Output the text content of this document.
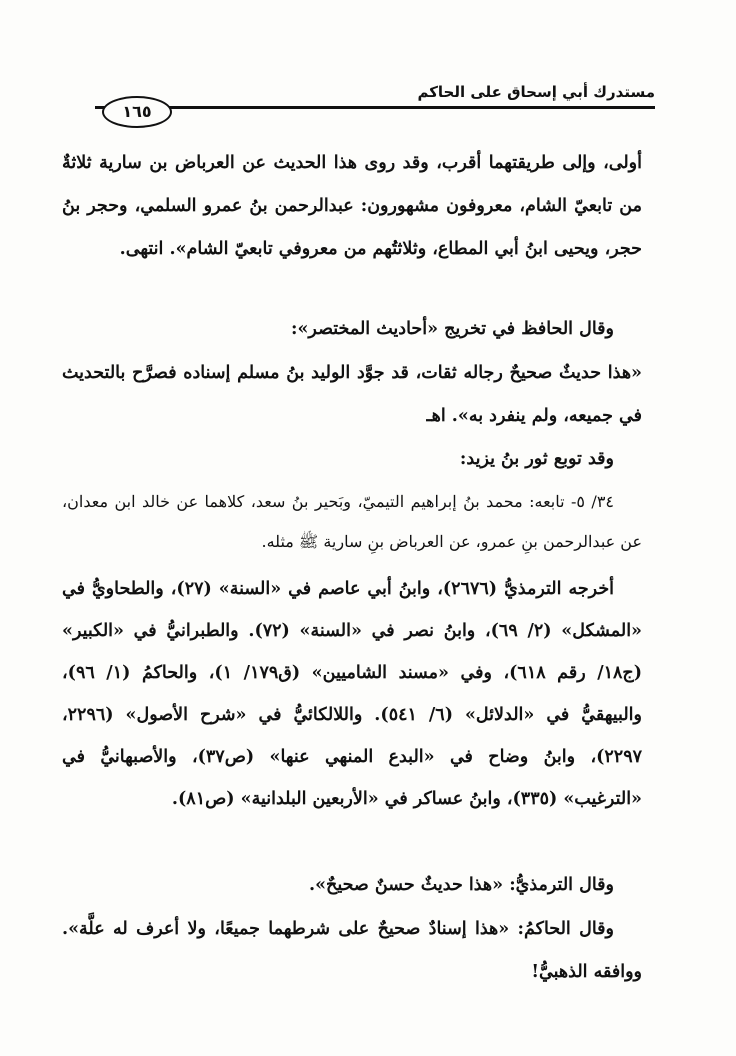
مستدرك أبي إسحاق على الحاكم
١٦٥
أولى، وإلى طريقتهما أقرب، وقد روى هذا الحديث عن العرباض بن سارية ثلاثةٌ من تابعيّ الشام، معروفون مشهورون: عبدالرحمن بنُ عمرو السلمي، وحجر بنُ حجر، ويحيى ابنُ أبي المطاع، وثلاثتُهم من معروفي تابعيّ الشام». انتهى.
وقال الحافظ في تخريج «أحاديث المختصر»:
«هذا حديثٌ صحيحٌ رجاله ثقات، قد جوَّد الوليد بنُ مسلم إسناده فصرَّح بالتحديث في جميعه، ولم ينفرد به». اهـ
وقد توبع ثور بنُ يزيد:
٣٤/ ٥- تابعه: محمد بنُ إبراهيم التيميّ، وبَحير بنُ سعد، كلاهما عن خالد ابن معدان، عن عبدالرحمن بنِ عمرو، عن العرباض بنِ سارية ﷺ مثله.
أخرجه الترمذيُّ (٢٦٧٦)، وابنُ أبي عاصم في «السنة» (٢٧)، والطحاويُّ في «المشكل» (٢/ ٦٩)، وابنُ نصر في «السنة» (٧٢). والطبرانيُّ في «الكبير» (ج١٨/ رقم ٦١٨)، وفي «مسند الشاميين» (ق١٧٩/ ١)، والحاكمُ (١/ ٩٦)، والبيهقيُّ في «الدلائل» (٦/ ٥٤١). واللالكائيُّ في «شرح الأصول» (٢٢٩٦، ٢٢٩٧)، وابنُ وضاح في «البدع المنهي عنها» (ص٣٧)، والأصبهانيُّ في «الترغيب» (٣٣٥)، وابنُ عساكر في «الأربعين البلدانية» (ص٨١).
وقال الترمذيُّ: «هذا حديثٌ حسنٌ صحيحٌ».
وقال الحاكمُ: «هذا إسنادٌ صحيحٌ على شرطهما جميعًا، ولا أعرف له علَّة». ووافقه الذهبيُّ!
